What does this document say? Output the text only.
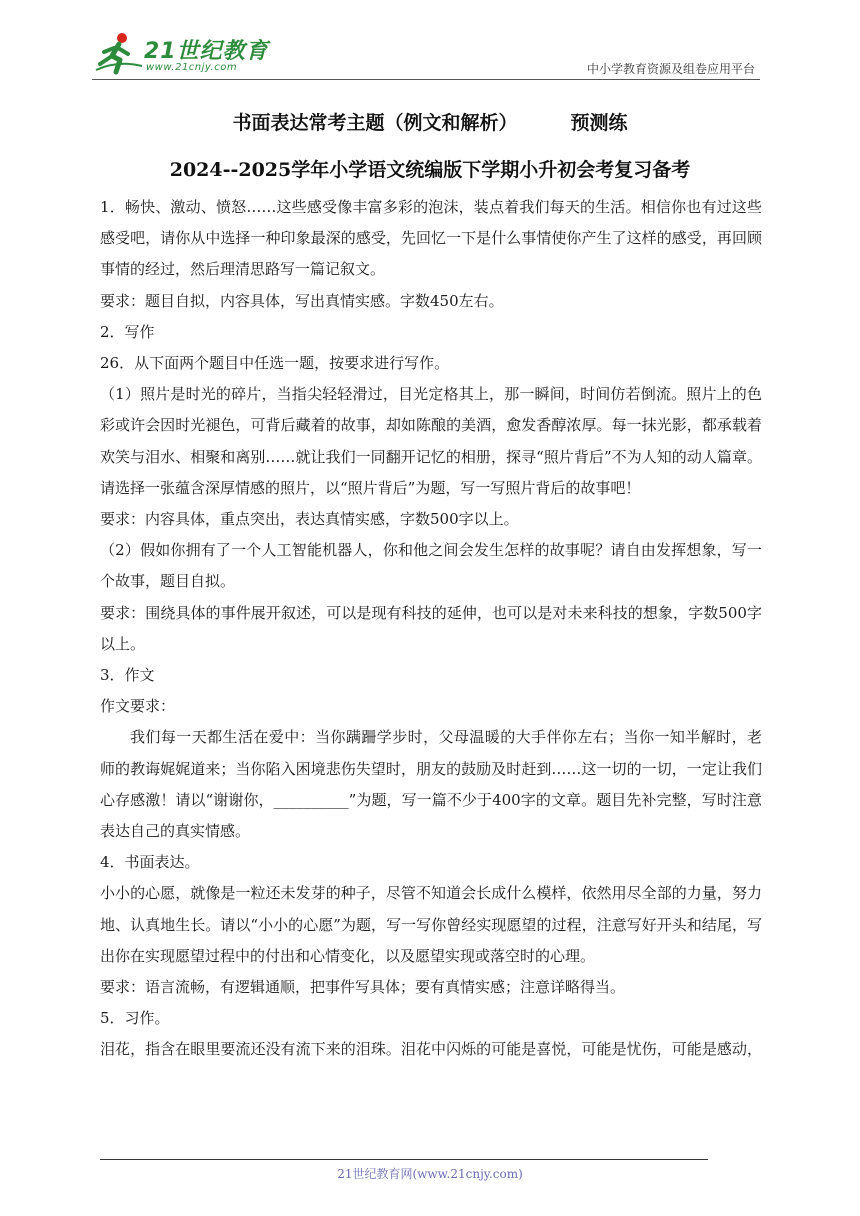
21世纪教育
www.21cnjy.com	中小学教育资源及组卷应用平台
书面表达常考主题（例文和解析）        预测练
2024--2025学年小学语文统编版下学期小升初会考复习备考

1．畅快、激动、愤怒……这些感受像丰富多彩的泡沫，装点着我们每天的生活。相信你也有过这些

感受吧，请你从中选择一种印象最深的感受，先回忆一下是什么事情使你产生了这样的感受，再回顾

事情的经过，然后理清思路写一篇记叙文。

要求：题目自拟，内容具体，写出真情实感。字数450左右。

2．写作

26．从下面两个题目中任选一题，按要求进行写作。

（1）照片是时光的碎片，当指尖轻轻滑过，目光定格其上，那一瞬间，时间仿若倒流。照片上的色

彩或许会因时光褪色，可背后藏着的故事，却如陈酿的美酒，愈发香醇浓厚。每一抹光影，都承载着

欢笑与泪水、相聚和离别……就让我们一同翻开记忆的相册，探寻“照片背后”不为人知的动人篇章。

请选择一张蕴含深厚情感的照片，以“照片背后”为题，写一写照片背后的故事吧！

要求：内容具体，重点突出，表达真情实感，字数500字以上。

（2）假如你拥有了一个人工智能机器人，你和他之间会发生怎样的故事呢？请自由发挥想象，写一

个故事，题目自拟。

要求：围绕具体的事件展开叙述，可以是现有科技的延伸，也可以是对未来科技的想象，字数500字

以上。

3．作文

作文要求：

我们每一天都生活在爱中：当你蹒跚学步时，父母温暖的大手伴你左右；当你一知半解时，老

师的教诲娓娓道来；当你陷入困境悲伤失望时，朋友的鼓励及时赶到……这一切的一切，一定让我们

心存感激！请以“谢谢你，__________”为题，写一篇不少于400字的文章。题目先补完整，写时注意

表达自己的真实情感。

4．书面表达。

小小的心愿，就像是一粒还未发芽的种子，尽管不知道会长成什么模样，依然用尽全部的力量，努力

地、认真地生长。请以“小小的心愿”为题，写一写你曾经实现愿望的过程，注意写好开头和结尾，写

出你在实现愿望过程中的付出和心情变化，以及愿望实现或落空时的心理。

要求：语言流畅，有逻辑通顺，把事件写具体；要有真情实感；注意详略得当。

5．习作。

泪花，指含在眼里要流还没有流下来的泪珠。泪花中闪烁的可能是喜悦，可能是忧伤，可能是感动，

21世纪教育网(www.21cnjy.com)
